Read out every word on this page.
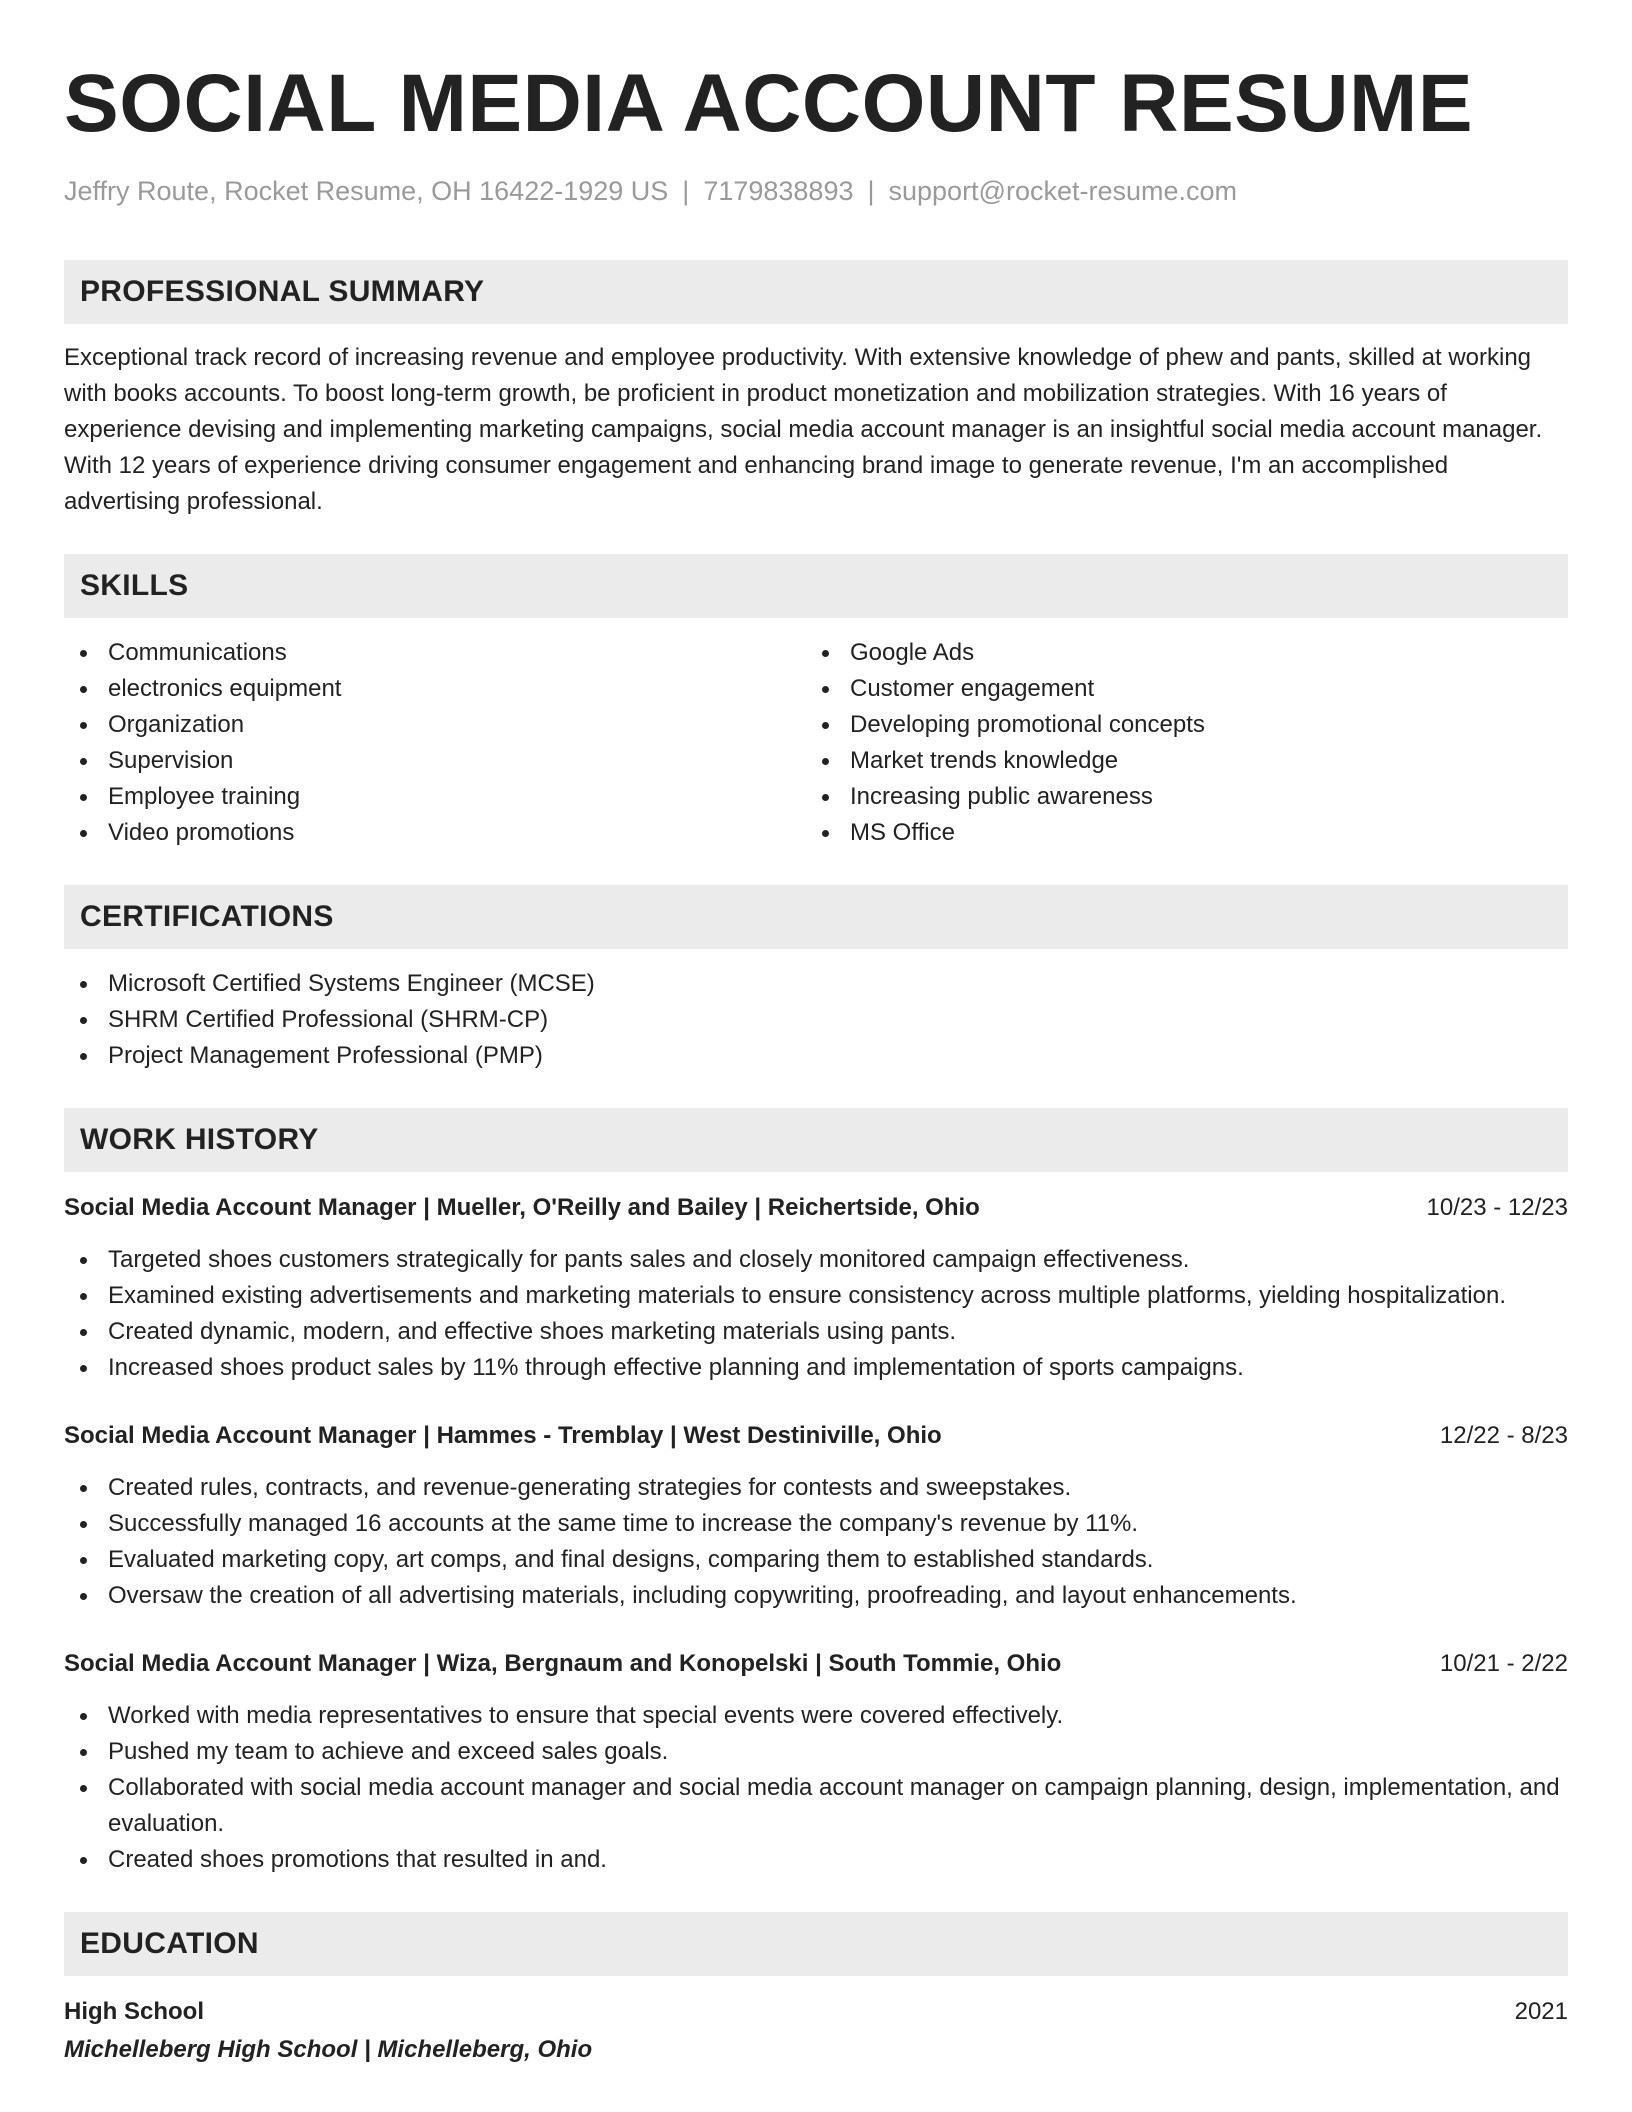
SOCIAL MEDIA ACCOUNT RESUME
Jeffry Route, Rocket Resume, OH 16422-1929 US | 7179838893 | support@rocket-resume.com
PROFESSIONAL SUMMARY

Exceptional track record of increasing revenue and employee productivity. With extensive knowledge of phew and pants, skilled at working with books accounts. To boost long-term growth, be proficient in product monetization and mobilization strategies. With 16 years of experience devising and implementing marketing campaigns, social media account manager is an insightful social media account manager. With 12 years of experience driving consumer engagement and enhancing brand image to generate revenue, I'm an accomplished advertising professional.

SKILLS
Communications
electronics equipment
Organization
Supervision
Employee training
Video promotions
Google Ads
Customer engagement
Developing promotional concepts
Market trends knowledge
Increasing public awareness
MS Office
CERTIFICATIONS
Microsoft Certified Systems Engineer (MCSE)
SHRM Certified Professional (SHRM-CP)
Project Management Professional (PMP)
WORK HISTORY
Social Media Account Manager | Mueller, O'Reilly and Bailey | Reichertside, Ohio	10/23 - 12/23
Targeted shoes customers strategically for pants sales and closely monitored campaign effectiveness.
Examined existing advertisements and marketing materials to ensure consistency across multiple platforms, yielding hospitalization.
Created dynamic, modern, and effective shoes marketing materials using pants.
Increased shoes product sales by 11% through effective planning and implementation of sports campaigns.
Social Media Account Manager | Hammes - Tremblay | West Destiniville, Ohio	12/22 - 8/23
Created rules, contracts, and revenue-generating strategies for contests and sweepstakes.
Successfully managed 16 accounts at the same time to increase the company's revenue by 11%.
Evaluated marketing copy, art comps, and final designs, comparing them to established standards.
Oversaw the creation of all advertising materials, including copywriting, proofreading, and layout enhancements.
Social Media Account Manager | Wiza, Bergnaum and Konopelski | South Tommie, Ohio	10/21 - 2/22
Worked with media representatives to ensure that special events were covered effectively.
Pushed my team to achieve and exceed sales goals.
Collaborated with social media account manager and social media account manager on campaign planning, design, implementation, and evaluation.
Created shoes promotions that resulted in and.
EDUCATION
High School	2021
Michelleberg High School | Michelleberg, Ohio
